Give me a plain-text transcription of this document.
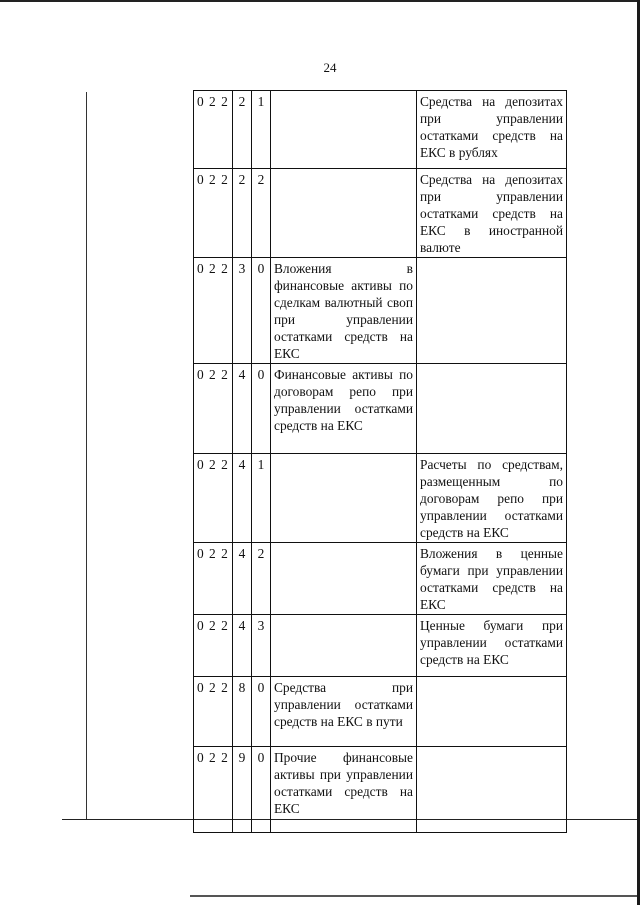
24
0 2 2	2	1		Средства на депозитах при управлении остатками средств на ЕКС в рублях
0 2 2	2	2		Средства на депозитах при управлении остатками средств на ЕКС в иностранной валюте
0 2 2	3	0	Вложения в финансовые активы по сделкам валютный своп при управлении остатками средств на ЕКС	
0 2 2	4	0	Финансовые активы по договорам репо при управлении остатками средств на ЕКС	
0 2 2	4	1		Расчеты по средствам, размещенным по договорам репо при управлении остатками средств на ЕКС
0 2 2	4	2		Вложения в ценные бумаги при управлении остатками средств на ЕКС
0 2 2	4	3		Ценные бумаги при управлении остатками средств на ЕКС
0 2 2	8	0	Средства при управлении остатками средств на ЕКС в пути	
0 2 2	9	0	Прочие финансовые активы при управлении остатками средств на ЕКС	
